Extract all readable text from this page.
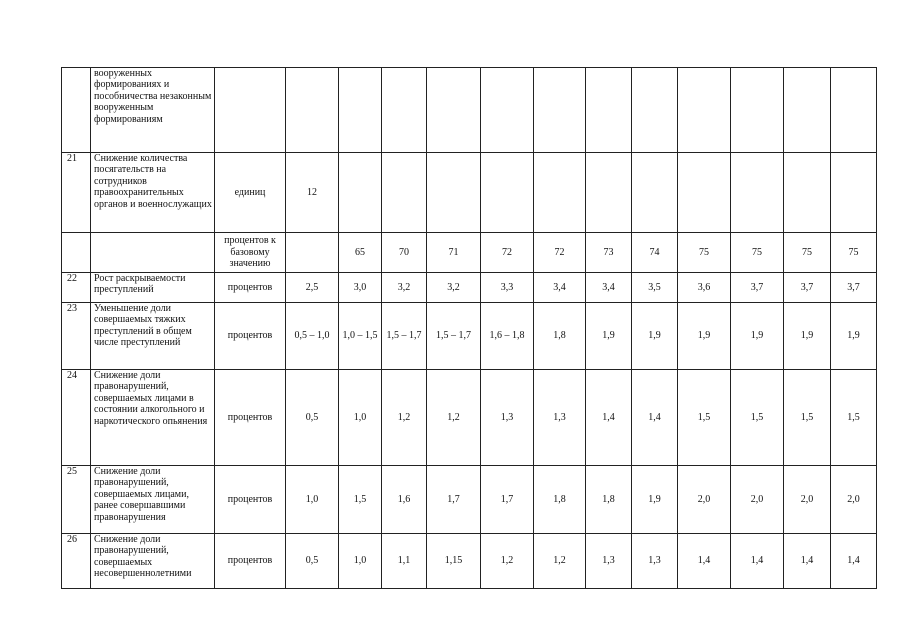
	вооруженных формированиях и пособничества незаконным вооруженным формированиям													
21	Снижение количества посягательств на сотрудников правоохранительных органов и военнослужащих	единиц	12											
		процентов к базовому значению		65	70	71	72	72	73	74	75	75	75	75
22	Рост раскрываемости преступлений	процентов	2,5	3,0	3,2	3,2	3,3	3,4	3,4	3,5	3,6	3,7	3,7	3,7
23	Уменьшение доли совершаемых тяжких преступлений в общем числе преступлений	процентов	0,5 – 1,0	1,0 – 1,5	1,5 – 1,7	1,5 – 1,7	1,6 – 1,8	1,8	1,9	1,9	1,9	1,9	1,9	1,9
24	Снижение доли правонарушений, совершаемых лицами в состоянии алкогольного и наркотического опьянения	процентов	0,5	1,0	1,2	1,2	1,3	1,3	1,4	1,4	1,5	1,5	1,5	1,5
25	Снижение доли правонарушений, совершаемых лицами, ранее совершавшими правонарушения	процентов	1,0	1,5	1,6	1,7	1,7	1,8	1,8	1,9	2,0	2,0	2,0	2,0
26	Снижение доли правонарушений, совершаемых несовершеннолетними	процентов	0,5	1,0	1,1	1,15	1,2	1,2	1,3	1,3	1,4	1,4	1,4	1,4
